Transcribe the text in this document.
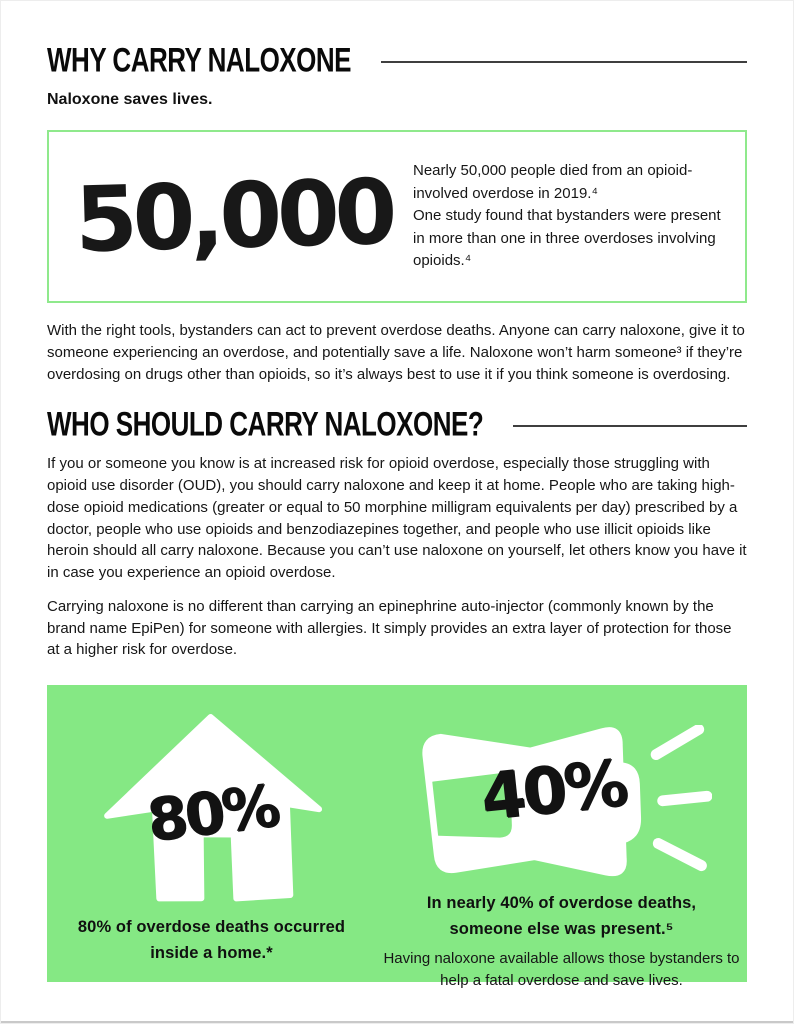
WHY CARRY NALOXONE
Naloxone saves lives.
50,000 Nearly 50,000 people died from an opioid-involved overdose in 2019.⁴
One study found that bystanders were present in more than one in three overdoses involving opioids.⁴

With the right tools, bystanders can act to prevent overdose deaths. Anyone can carry naloxone, give it to someone experiencing an overdose, and potentially save a life. Naloxone won’t harm someone³ if they’re overdosing on drugs other than opioids, so it’s always best to use it if you think someone is overdosing.

WHO SHOULD CARRY NALOXONE?

If you or someone you know is at increased risk for opioid overdose, especially those struggling with opioid use disorder (OUD), you should carry naloxone and keep it at home. People who are taking high-dose opioid medications (greater or equal to 50 morphine milligram equivalents per day) prescribed by a doctor, people who use opioids and benzodiazepines together, and people who use illicit opioids like heroin should all carry naloxone. Because you can’t use naloxone on yourself, let others know you have it in case you experience an opioid overdose.

Carrying naloxone is no different than carrying an epinephrine auto-injector (commonly known by the brand name EpiPen) for someone with allergies. It simply provides an extra layer of protection for those at a higher risk for overdose.

80%
80% of overdose deaths occurred inside a home.*
40%
In nearly 40% of overdose deaths, someone else was present.⁵
Having naloxone available allows those bystanders to help a fatal overdose and save lives.
